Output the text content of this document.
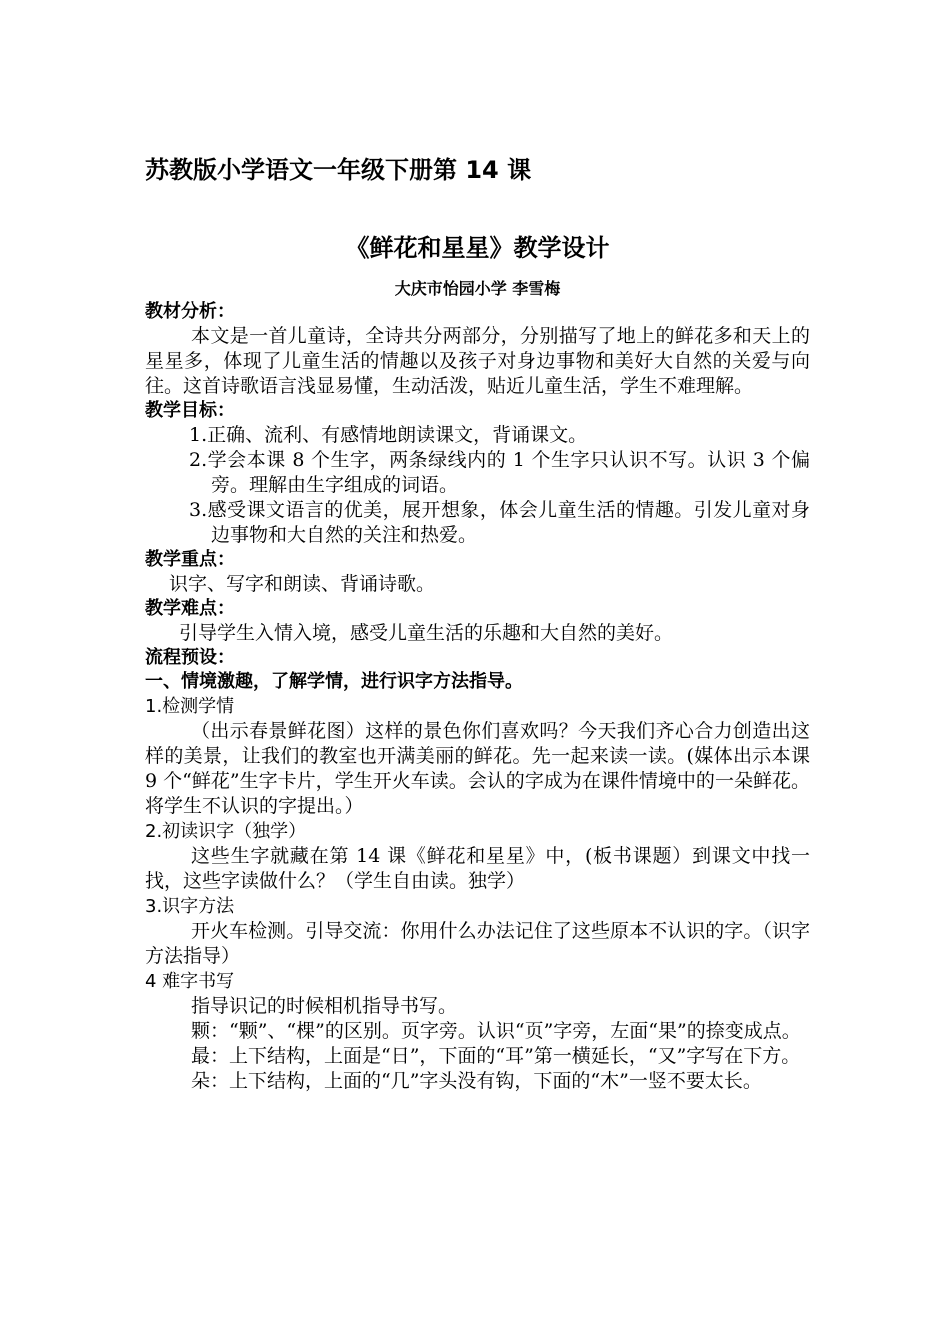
苏教版小学语文一年级下册第 14 课
《鲜花和星星》教学设计
大庆市怡园小学 李雪梅
教材分析：
本文是一首儿童诗，全诗共分两部分，分别描写了地上的鲜花多和天上的星星多，体现了儿童生活的情趣以及孩子对身边事物和美好大自然的关爱与向往。这首诗歌语言浅显易懂，生动活泼，贴近儿童生活，学生不难理解。
教学目标：
1.正确、流利、有感情地朗读课文，背诵课文。
2.学会本课 8 个生字，两条绿线内的 1 个生字只认识不写。认识 3 个偏旁。理解由生字组成的词语。
3.感受课文语言的优美，展开想象，体会儿童生活的情趣。引发儿童对身边事物和大自然的关注和热爱。
教学重点：
识字、写字和朗读、背诵诗歌。
教学难点：
引导学生入情入境，感受儿童生活的乐趣和大自然的美好。
流程预设：
一、情境激趣，了解学情，进行识字方法指导。
1.检测学情
（出示春景鲜花图）这样的景色你们喜欢吗？今天我们齐心合力创造出这样的美景，让我们的教室也开满美丽的鲜花。先一起来读一读。(媒体出示本课 9 个“鲜花”生字卡片，学生开火车读。会认的字成为在课件情境中的一朵鲜花。将学生不认识的字提出。）
2.初读识字（独学）
这些生字就藏在第 14 课《鲜花和星星》中，(板书课题）到课文中找一找，这些字读做什么？（学生自由读。独学）
3.识字方法
开火车检测。引导交流：你用什么办法记住了这些原本不认识的字。（识字方法指导）
4 难字书写
指导识记的时候相机指导书写。
颗：“颗”、“棵”的区别。页字旁。认识“页”字旁，左面“果”的捺变成点。
最：上下结构，上面是“日”，下面的“耳”第一横延长，“又”字写在下方。
朵：上下结构，上面的“几”字头没有钩，下面的“木”一竖不要太长。
